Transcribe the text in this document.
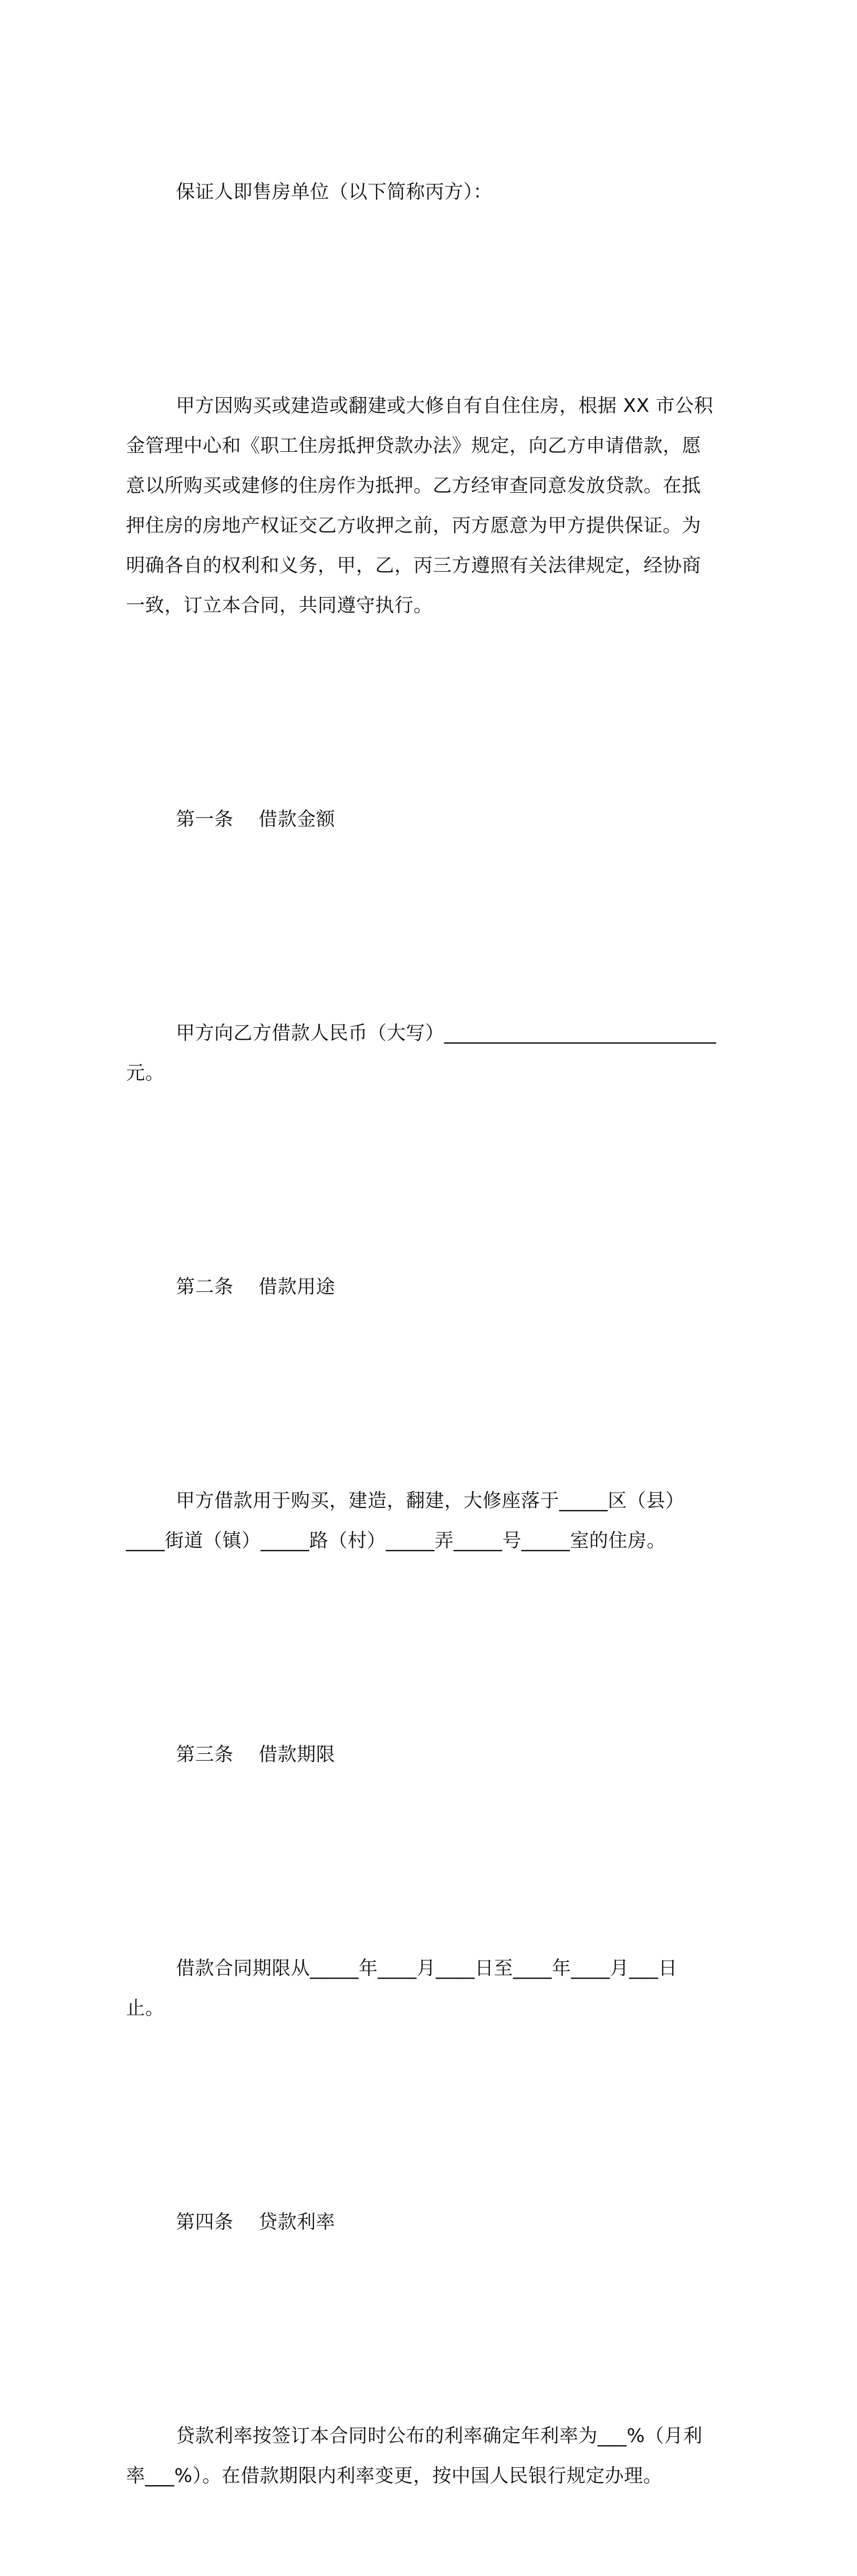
保证人即售房单位（以下简称丙方）：

甲方因购买或建造或翻建或大修自有自住住房，根据 XX 市公积
金管理中心和《职工住房抵押贷款办法》规定，向乙方申请借款，愿
意以所购买或建修的住房作为抵押。乙方经审查同意发放贷款。在抵
押住房的房地产权证交乙方收押之前，丙方愿意为甲方提供保证。为
明确各自的权利和义务，甲，乙，丙三方遵照有关法律规定，经协商
一致，订立本合同，共同遵守执行。

第一条    借款金额

甲方向乙方借款人民币（大写）____________________________
元。

第二条    借款用途

甲方借款用于购买，建造，翻建，大修座落于_____区（县）
____街道（镇）_____路（村）_____弄_____号_____室的住房。

第三条    借款期限

借款合同期限从_____年____月____日至____年____月___日
止。

第四条    贷款利率

贷款利率按签订本合同时公布的利率确定年利率为___%（月利
率___%）。在借款期限内利率变更，按中国人民银行规定办理。
